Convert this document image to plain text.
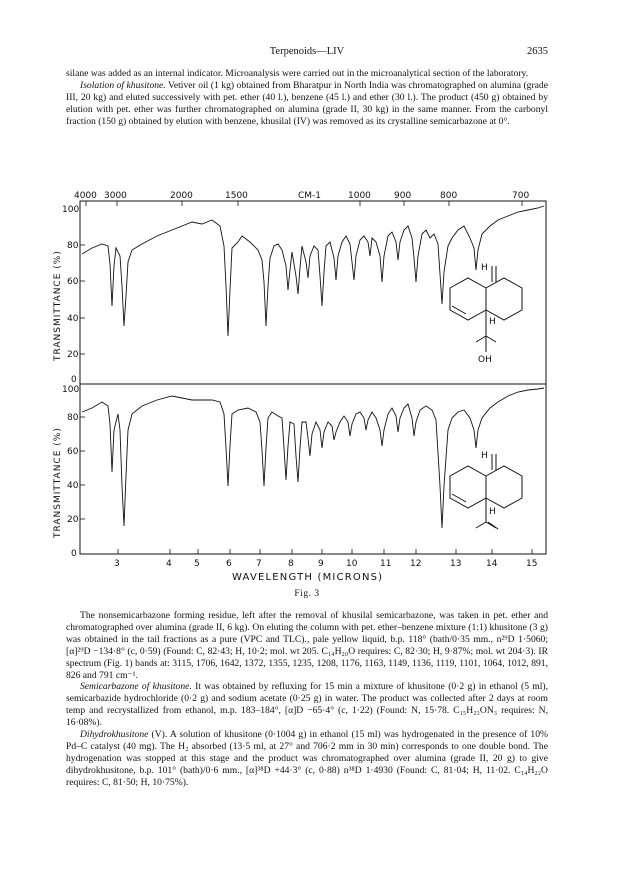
Terpenoids—LIV	2635

silane was added as an internal indicator. Microanalysis were carried out in the microanalytical section of the laboratory.

Isolation of khusitone. Vetiver oil (1 kg) obtained from Bharatpur in North India was chromatographed on alumina (grade III, 20 kg) and eluted successively with pet. ether (40 l.), benzene (45 l.) and ether (30 l.). The product (450 g) obtained by elution with pet. ether was further chromatographed on alumina (grade II, 30 kg) in the same manner. From the carbonyl fraction (150 g) obtained by elution with benzene, khusilal (IV) was removed as its crystalline semicarbazone at 0°.

4000 3000	2000	1500	CM-1	1000	900	800	700
100
80
60
40
20
0
100
80
60
40
20
0
TRANSMITTANCE (%)
TRANSMITTANCE (%)
H
H
OH
H
H
3	4 5	6	7	8	9 10	11 12	13	14	15
WAVELENGTH (MICRONS)
Fig. 3

The nonsemicarbazone forming residue, left after the removal of khusilal semicarbazone, was taken in pet. ether and chromatographed over alumina (grade II, 6 kg). On eluting the column with pet. ether–benzene mixture (1:1) khusitone (3 g) was obtained in the tail fractions as a pure (VPC and TLC)., pale yellow liquid, b.p. 118° (bath/0·35 mm., n²⁹D 1·5060; [α]²⁹D −134·8° (c, 0·59) (Found: C, 82·43; H, 10·2; mol. wt 205. C₁₄H₂₀O requires: C, 82·30; H, 9·87%; mol. wt 204·3). IR spectrum (Fig. 1) bands at: 3115, 1706, 1642, 1372, 1355, 1235, 1208, 1176, 1163, 1149, 1136, 1119, 1101, 1064, 1012, 891, 826 and 791 cm⁻¹.

Semicarbazone of khusitone. It was obtained by refluxing for 15 min a mixture of khusitone (0·2 g) in ethanol (5 ml), semicarbazide hydrochloride (0·2 g) and sodium acetate (0·25 g) in water. The product was collected after 2 days at room temp and recrystallized from ethanol, m.p. 183–184°, [α]D −65·4° (c, 1·22) (Found: N, 15·78. C₁₅H₂₃ON₃ requires: N, 16·08%).

Dihydrokhusitone (V). A solution of khusitone (0·1004 g) in ethanol (15 ml) was hydrogenated in the presence of 10% Pd–C catalyst (40 mg). The H₂ absorbed (13·5 ml, at 27° and 706·2 mm in 30 min) corresponds to one double bond. The hydrogenation was stopped at this stage and the product was chromatographed over alumina (grade II, 20 g) to give dihydrokhusitone, b.p. 101° (bath)/0·6 mm., [α]³⁸D +44·3° (c, 0·88) n³⁸D 1·4930 (Found: C, 81·04; H, 11·02. C₁₄H₂₂O requires: C, 81·50; H, 10·75%).
